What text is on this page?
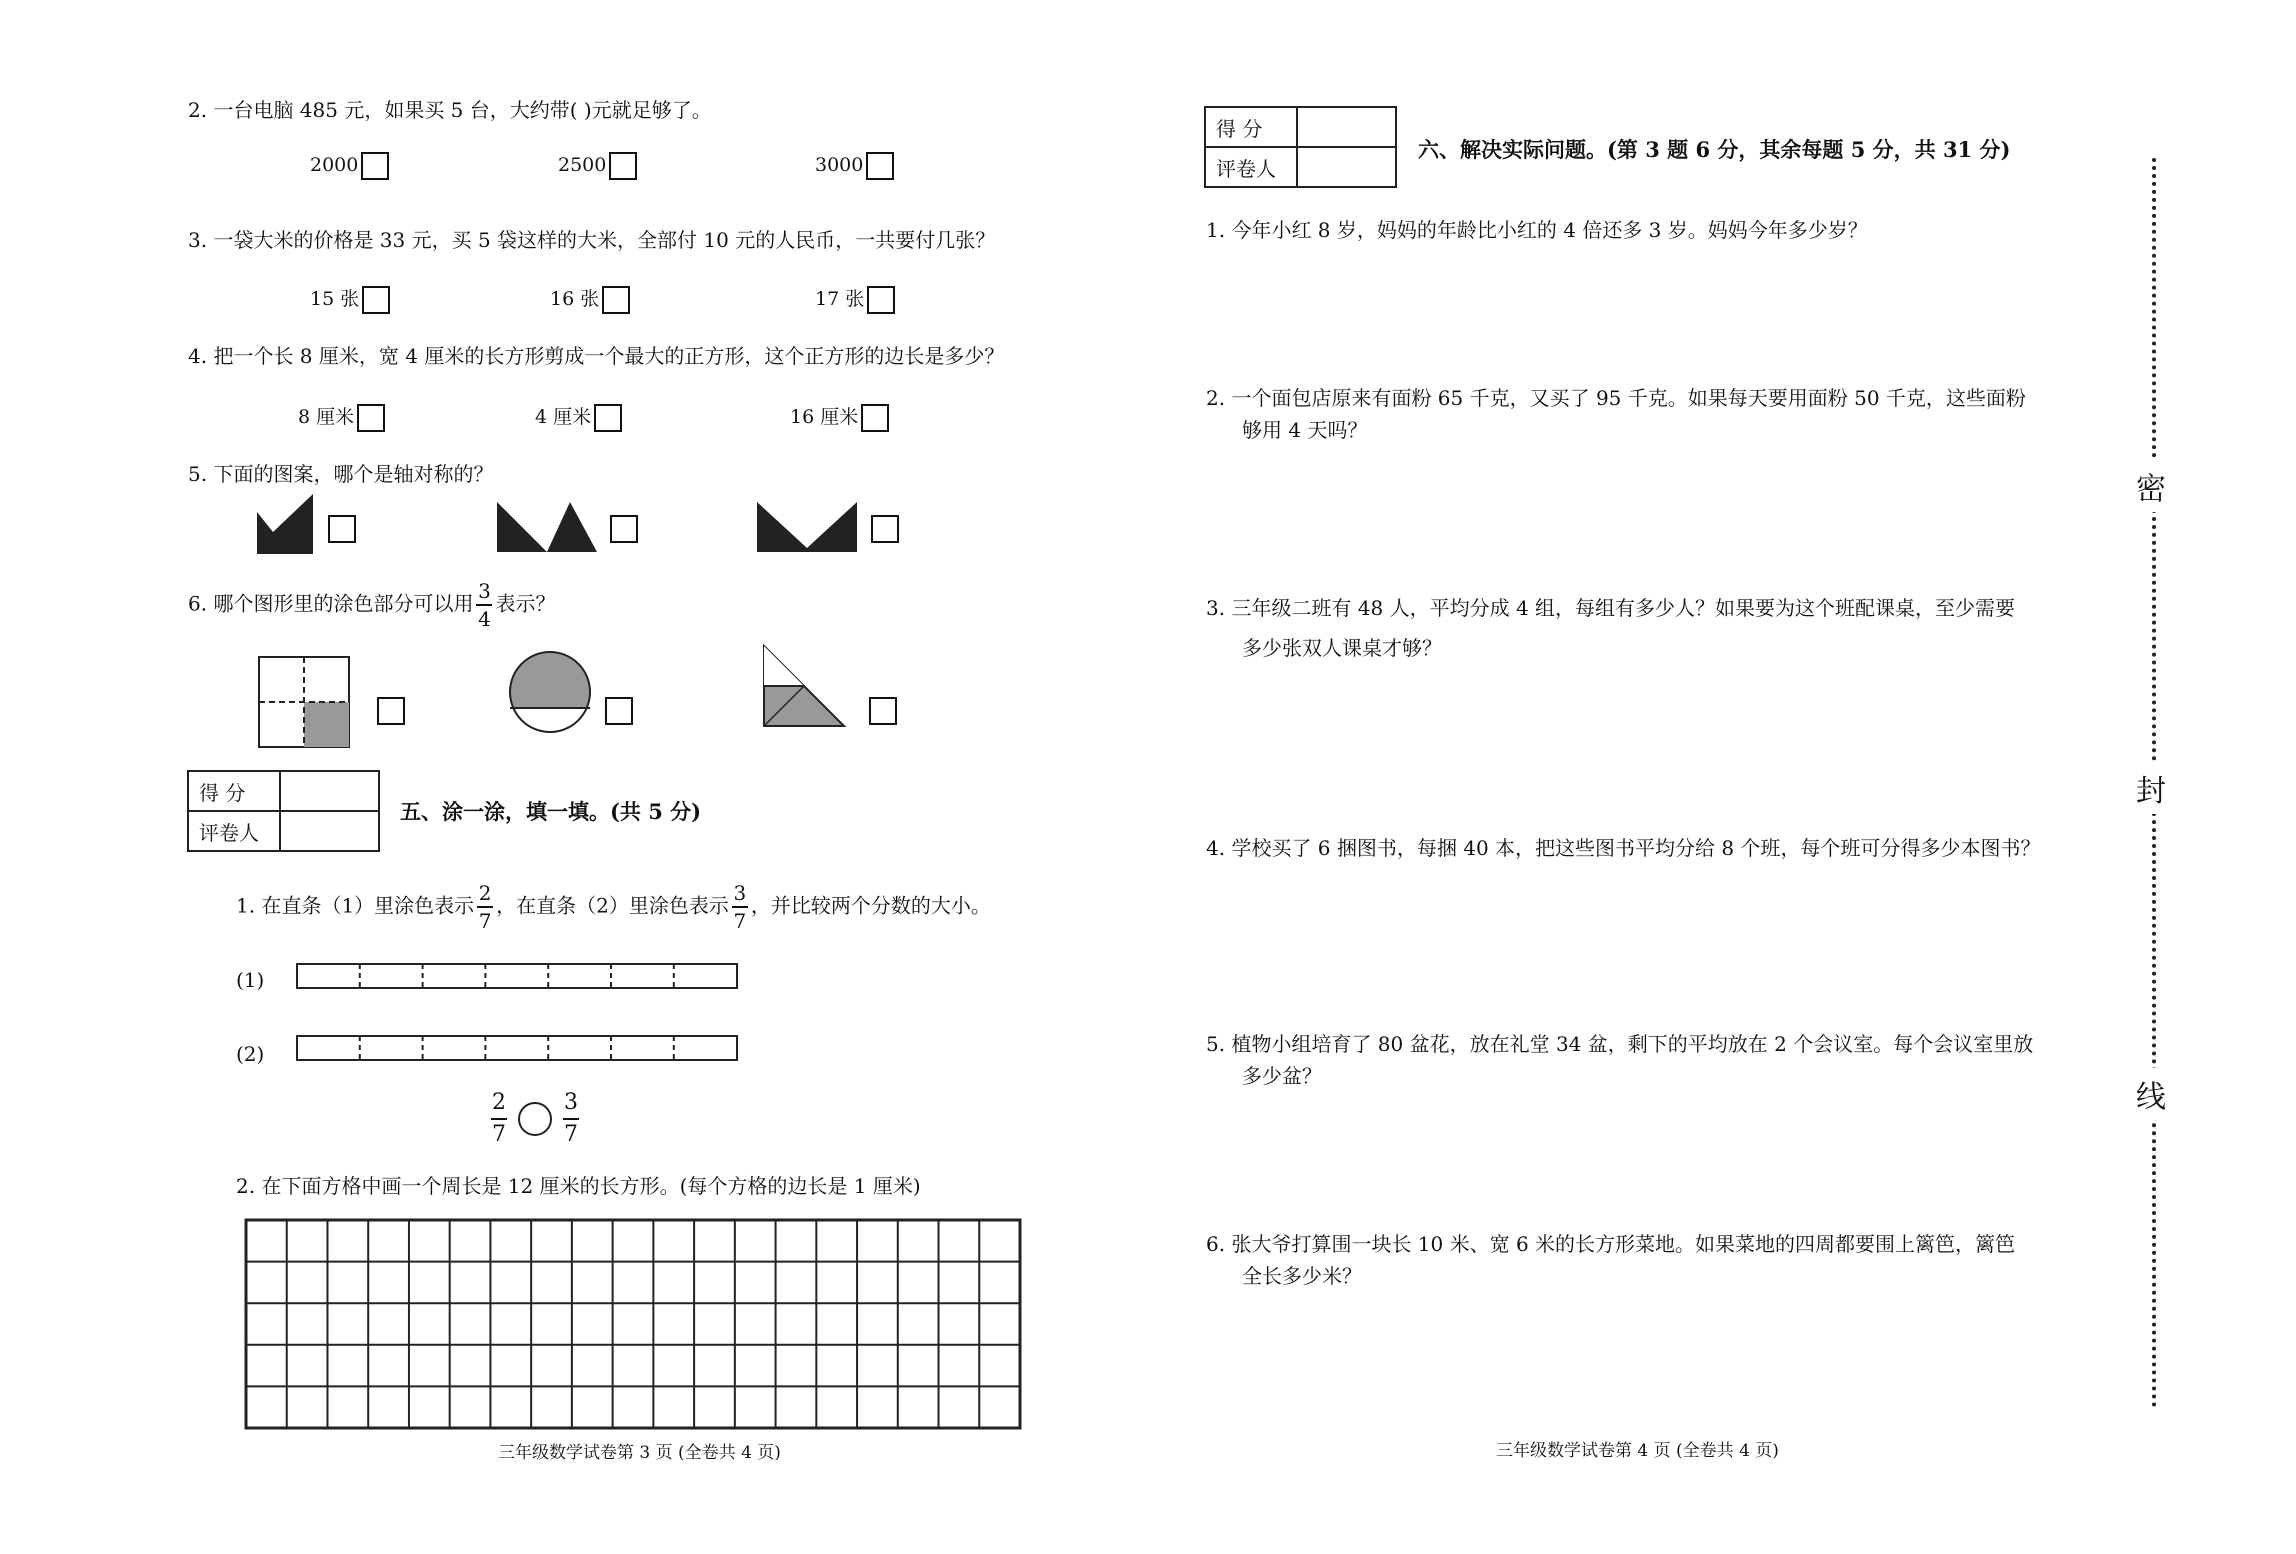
2. 一台电脑 485 元，如果买 5 台，大约带( )元就足够了。
2000	2500	3000
3. 一袋大米的价格是 33 元，买 5 袋这样的大米，全部付 10 元的人民币，一共要付几张？
15 张	16 张	17 张
4. 把一个长 8 厘米，宽 4 厘米的长方形剪成一个最大的正方形，这个正方形的边长是多少？
8 厘米	4 厘米	16 厘米
5. 下面的图案，哪个是轴对称的？
6. 哪个图形里的涂色部分可以用 $\frac{3}{4}$ 表示？
得 分	
评卷人	
五、涂一涂，填一填。(共 5 分)
1. 在直条（1）里涂色表示 $\frac{2}{7}$ ，在直条（2）里涂色表示 $\frac{3}{7}$ ，并比较两个分数的大小。
(1)
(2)
$\frac{2}{7}$	$\frac{3}{7}$
2. 在下面方格中画一个周长是 12 厘米的长方形。(每个方格的边长是 1 厘米)
三年级数学试卷第 3 页 (全卷共 4 页)
得 分	
评卷人	
六、解决实际问题。(第 3 题 6 分，其余每题 5 分，共 31 分)
1. 今年小红 8 岁，妈妈的年龄比小红的 4 倍还多 3 岁。妈妈今年多少岁？
2. 一个面包店原来有面粉 65 千克，又买了 95 千克。如果每天要用面粉 50 千克，这些面粉
够用 4 天吗？
3. 三年级二班有 48 人，平均分成 4 组，每组有多少人？如果要为这个班配课桌，至少需要
多少张双人课桌才够？
4. 学校买了 6 捆图书，每捆 40 本，把这些图书平均分给 8 个班，每个班可分得多少本图书？
5. 植物小组培育了 80 盆花，放在礼堂 34 盆，剩下的平均放在 2 个会议室。每个会议室里放
多少盆？
6. 张大爷打算围一块长 10 米、宽 6 米的长方形菜地。如果菜地的四周都要围上篱笆，篱笆
全长多少米？
三年级数学试卷第 4 页 (全卷共 4 页)
密
封
线
